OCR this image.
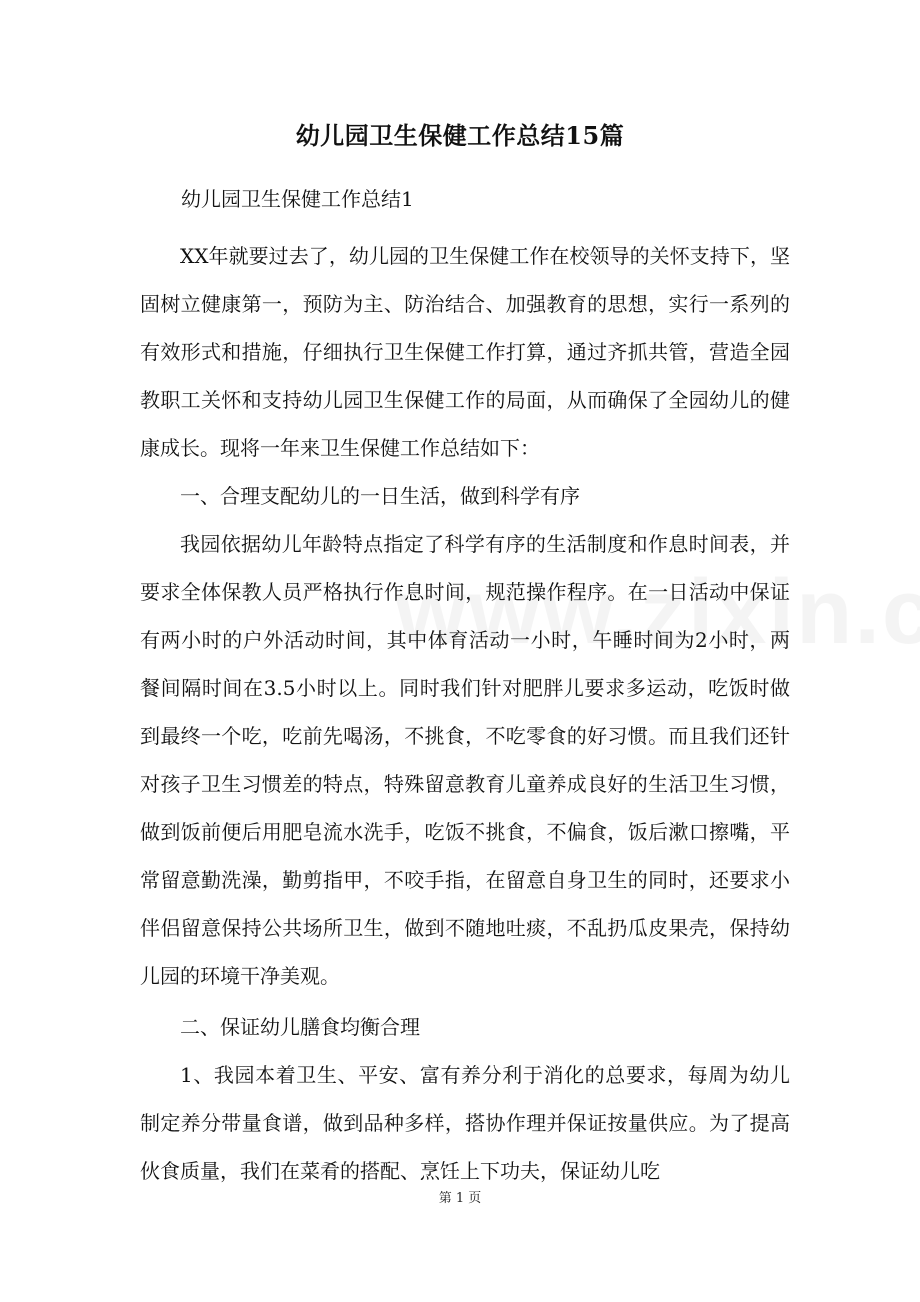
幼儿园卫生保健工作总结15篇
幼儿园卫生保健工作总结1

XX年就要过去了，幼儿园的卫生保健工作在校领导的关怀支持下，坚固树立健康第一，预防为主、防治结合、加强教育的思想，实行一系列的有效形式和措施，仔细执行卫生保健工作打算，通过齐抓共管，营造全园教职工关怀和支持幼儿园卫生保健工作的局面，从而确保了全园幼儿的健康成长。现将一年来卫生保健工作总结如下：

一、合理支配幼儿的一日生活，做到科学有序

我园依据幼儿年龄特点指定了科学有序的生活制度和作息时间表，并要求全体保教人员严格执行作息时间，规范操作程序。在一日活动中保证有两小时的户外活动时间，其中体育活动一小时，午睡时间为2小时，两餐间隔时间在3.5小时以上。同时我们针对肥胖儿要求多运动，吃饭时做到最终一个吃，吃前先喝汤，不挑食，不吃零食的好习惯。而且我们还针对孩子卫生习惯差的特点，特殊留意教育儿童养成良好的生活卫生习惯，做到饭前便后用肥皂流水洗手，吃饭不挑食，不偏食，饭后漱口擦嘴，平常留意勤洗澡，勤剪指甲，不咬手指，在留意自身卫生的同时，还要求小伴侣留意保持公共场所卫生，做到不随地吐痰，不乱扔瓜皮果壳，保持幼儿园的环境干净美观。

二、保证幼儿膳食均衡合理

1、我园本着卫生、平安、富有养分利于消化的总要求，每周为幼儿制定养分带量食谱，做到品种多样，搭协作理并保证按量供应。为了提高伙食质量，我们在菜肴的搭配、烹饪上下功夫，保证幼儿吃

第 1 页
